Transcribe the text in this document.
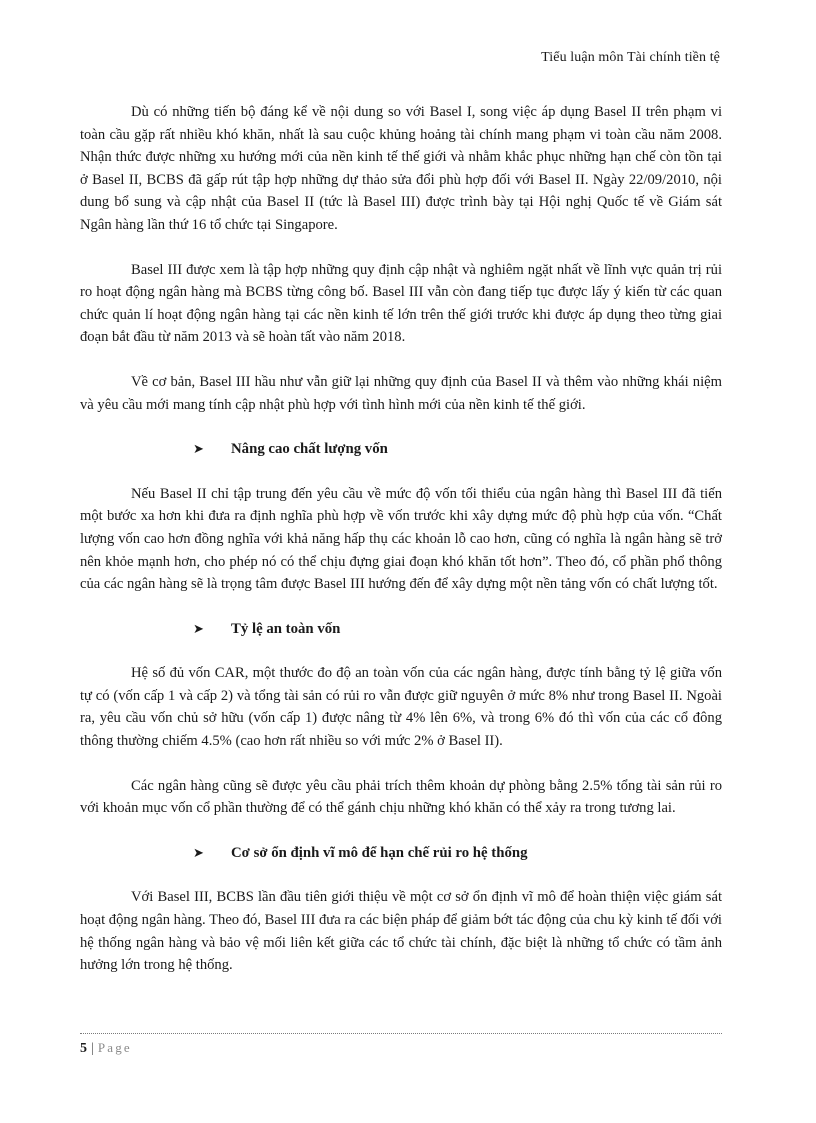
Tiểu luận môn Tài chính tiền tệ

Dù có những tiến bộ đáng kể về nội dung so với Basel I, song việc áp dụng Basel II trên phạm vi toàn cầu gặp rất nhiều khó khăn, nhất là sau cuộc khủng hoảng tài chính mang phạm vi toàn cầu năm 2008. Nhận thức được những xu hướng mới của nền kinh tế thế giới và nhằm khắc phục những hạn chế còn tồn tại ở Basel II, BCBS đã gấp rút tập hợp những dự thảo sửa đổi phù hợp đối với Basel II. Ngày 22/09/2010, nội dung bổ sung và cập nhật của Basel II (tức là Basel III) được trình bày tại Hội nghị Quốc tế về Giám sát Ngân hàng lần thứ 16 tổ chức tại Singapore.

Basel III được xem là tập hợp những quy định cập nhật và nghiêm ngặt nhất về lĩnh vực quản trị rủi ro hoạt động ngân hàng mà BCBS từng công bố. Basel III vẫn còn đang tiếp tục được lấy ý kiến từ các quan chức quản lí hoạt động ngân hàng tại các nền kinh tế lớn trên thế giới trước khi được áp dụng theo từng giai đoạn bắt đầu từ năm 2013 và sẽ hoàn tất vào năm 2018.

Về cơ bản, Basel III hầu như vẫn giữ lại những quy định của Basel II và thêm vào những khái niệm và yêu cầu mới mang tính cập nhật phù hợp với tình hình mới của nền kinh tế thế giới.

➤	Nâng cao chất lượng vốn

Nếu Basel II chỉ tập trung đến yêu cầu về mức độ vốn tối thiểu của ngân hàng thì Basel III đã tiến một bước xa hơn khi đưa ra định nghĩa phù hợp về vốn trước khi xây dựng mức độ phù hợp của vốn. “Chất lượng vốn cao hơn đồng nghĩa với khả năng hấp thụ các khoản lỗ cao hơn, cũng có nghĩa là ngân hàng sẽ trở nên khỏe mạnh hơn, cho phép nó có thể chịu đựng giai đoạn khó khăn tốt hơn”. Theo đó, cổ phần phổ thông của các ngân hàng sẽ là trọng tâm được Basel III hướng đến để xây dựng một nền tảng vốn có chất lượng tốt.

➤	Tỷ lệ an toàn vốn

Hệ số đủ vốn CAR, một thước đo độ an toàn vốn của các ngân hàng, được tính bằng tỷ lệ giữa vốn tự có (vốn cấp 1 và cấp 2) và tổng tài sản có rủi ro vẫn được giữ nguyên ở mức 8% như trong Basel II. Ngoài ra, yêu cầu vốn chủ sở hữu (vốn cấp 1) được nâng từ 4% lên 6%, và trong 6% đó thì vốn của các cổ đông thông thường chiếm 4.5% (cao hơn rất nhiều so với mức 2% ở Basel II).

Các ngân hàng cũng sẽ được yêu cầu phải trích thêm khoản dự phòng bằng 2.5% tổng tài sản rủi ro với khoản mục vốn cổ phần thường để có thể gánh chịu những khó khăn có thể xảy ra trong tương lai.

➤	Cơ sở ổn định vĩ mô để hạn chế rủi ro hệ thống

Với Basel III, BCBS lần đầu tiên giới thiệu về một cơ sở ổn định vĩ mô để hoàn thiện việc giám sát hoạt động ngân hàng. Theo đó, Basel III đưa ra các biện pháp để giảm bớt tác động của chu kỳ kinh tế đối với hệ thống ngân hàng và bảo vệ mối liên kết giữa các tổ chức tài chính, đặc biệt là những tổ chức có tầm ảnh hưởng lớn trong hệ thống.

5 | Page
